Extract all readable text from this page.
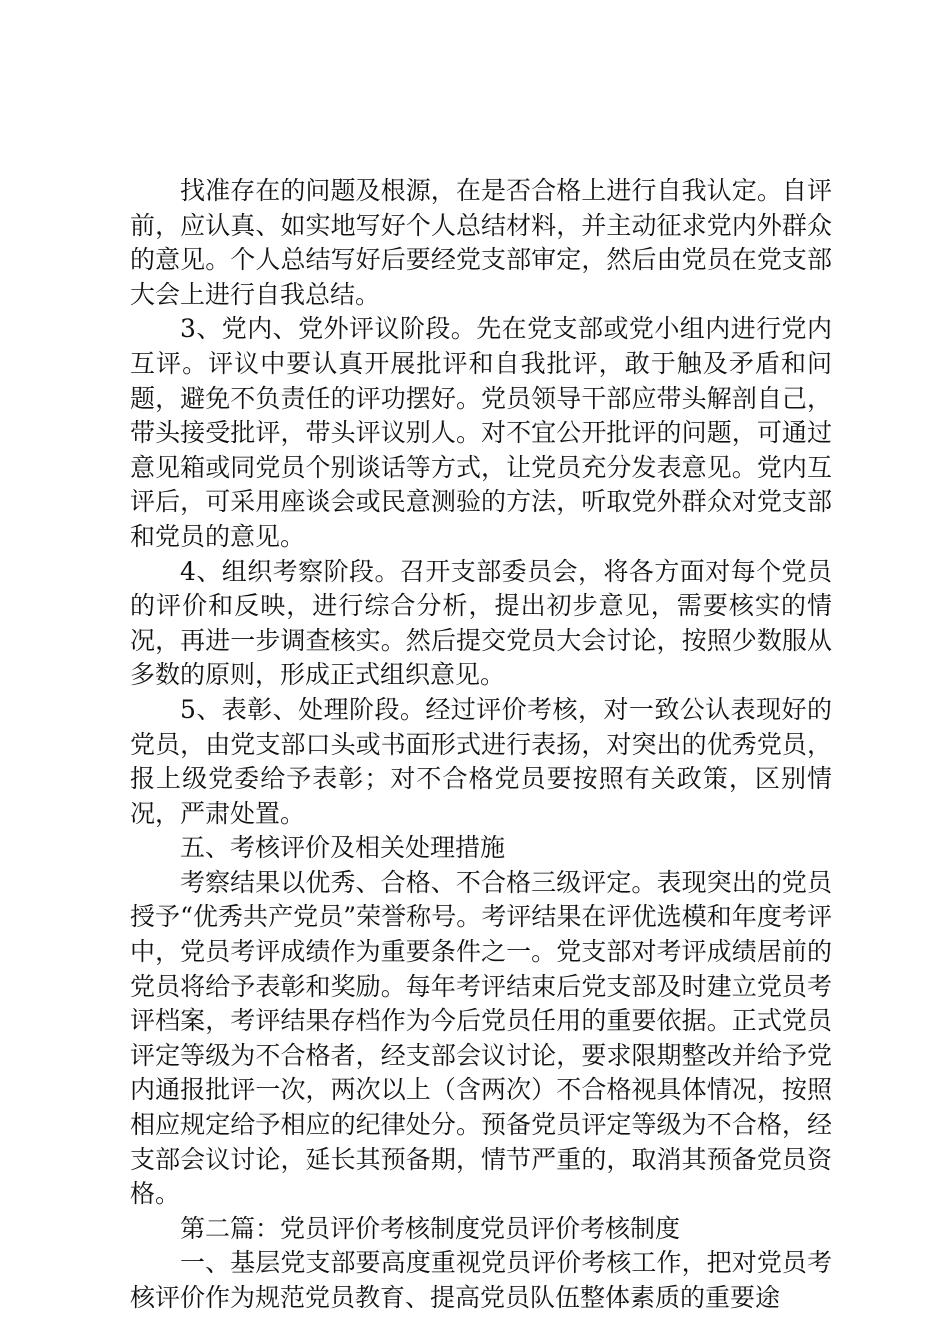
找准存在的问题及根源，在是否合格上进行自我认定。自评前，应认真、如实地写好个人总结材料，并主动征求党内外群众的意见。个人总结写好后要经党支部审定，然后由党员在党支部大会上进行自我总结。

3、党内、党外评议阶段。先在党支部或党小组内进行党内互评。评议中要认真开展批评和自我批评，敢于触及矛盾和问题，避免不负责任的评功摆好。党员领导干部应带头解剖自己，带头接受批评，带头评议别人。对不宜公开批评的问题，可通过意见箱或同党员个别谈话等方式，让党员充分发表意见。党内互评后，可采用座谈会或民意测验的方法，听取党外群众对党支部和党员的意见。

4、组织考察阶段。召开支部委员会，将各方面对每个党员的评价和反映，进行综合分析，提出初步意见，需要核实的情况，再进一步调查核实。然后提交党员大会讨论，按照少数服从多数的原则，形成正式组织意见。

5、表彰、处理阶段。经过评价考核，对一致公认表现好的党员，由党支部口头或书面形式进行表扬，对突出的优秀党员，报上级党委给予表彰；对不合格党员要按照有关政策，区别情况，严肃处置。

五、考核评价及相关处理措施

考察结果以优秀、合格、不合格三级评定。表现突出的党员授予“优秀共产党员”荣誉称号。考评结果在评优选模和年度考评中，党员考评成绩作为重要条件之一。党支部对考评成绩居前的党员将给予表彰和奖励。每年考评结束后党支部及时建立党员考评档案，考评结果存档作为今后党员任用的重要依据。正式党员评定等级为不合格者，经支部会议讨论，要求限期整改并给予党内通报批评一次，两次以上（含两次）不合格视具体情况，按照相应规定给予相应的纪律处分。预备党员评定等级为不合格，经支部会议讨论，延长其预备期，情节严重的，取消其预备党员资格。

第二篇：党员评价考核制度党员评价考核制度

一、基层党支部要高度重视党员评价考核工作，把对党员考核评价作为规范党员教育、提高党员队伍整体素质的重要途
